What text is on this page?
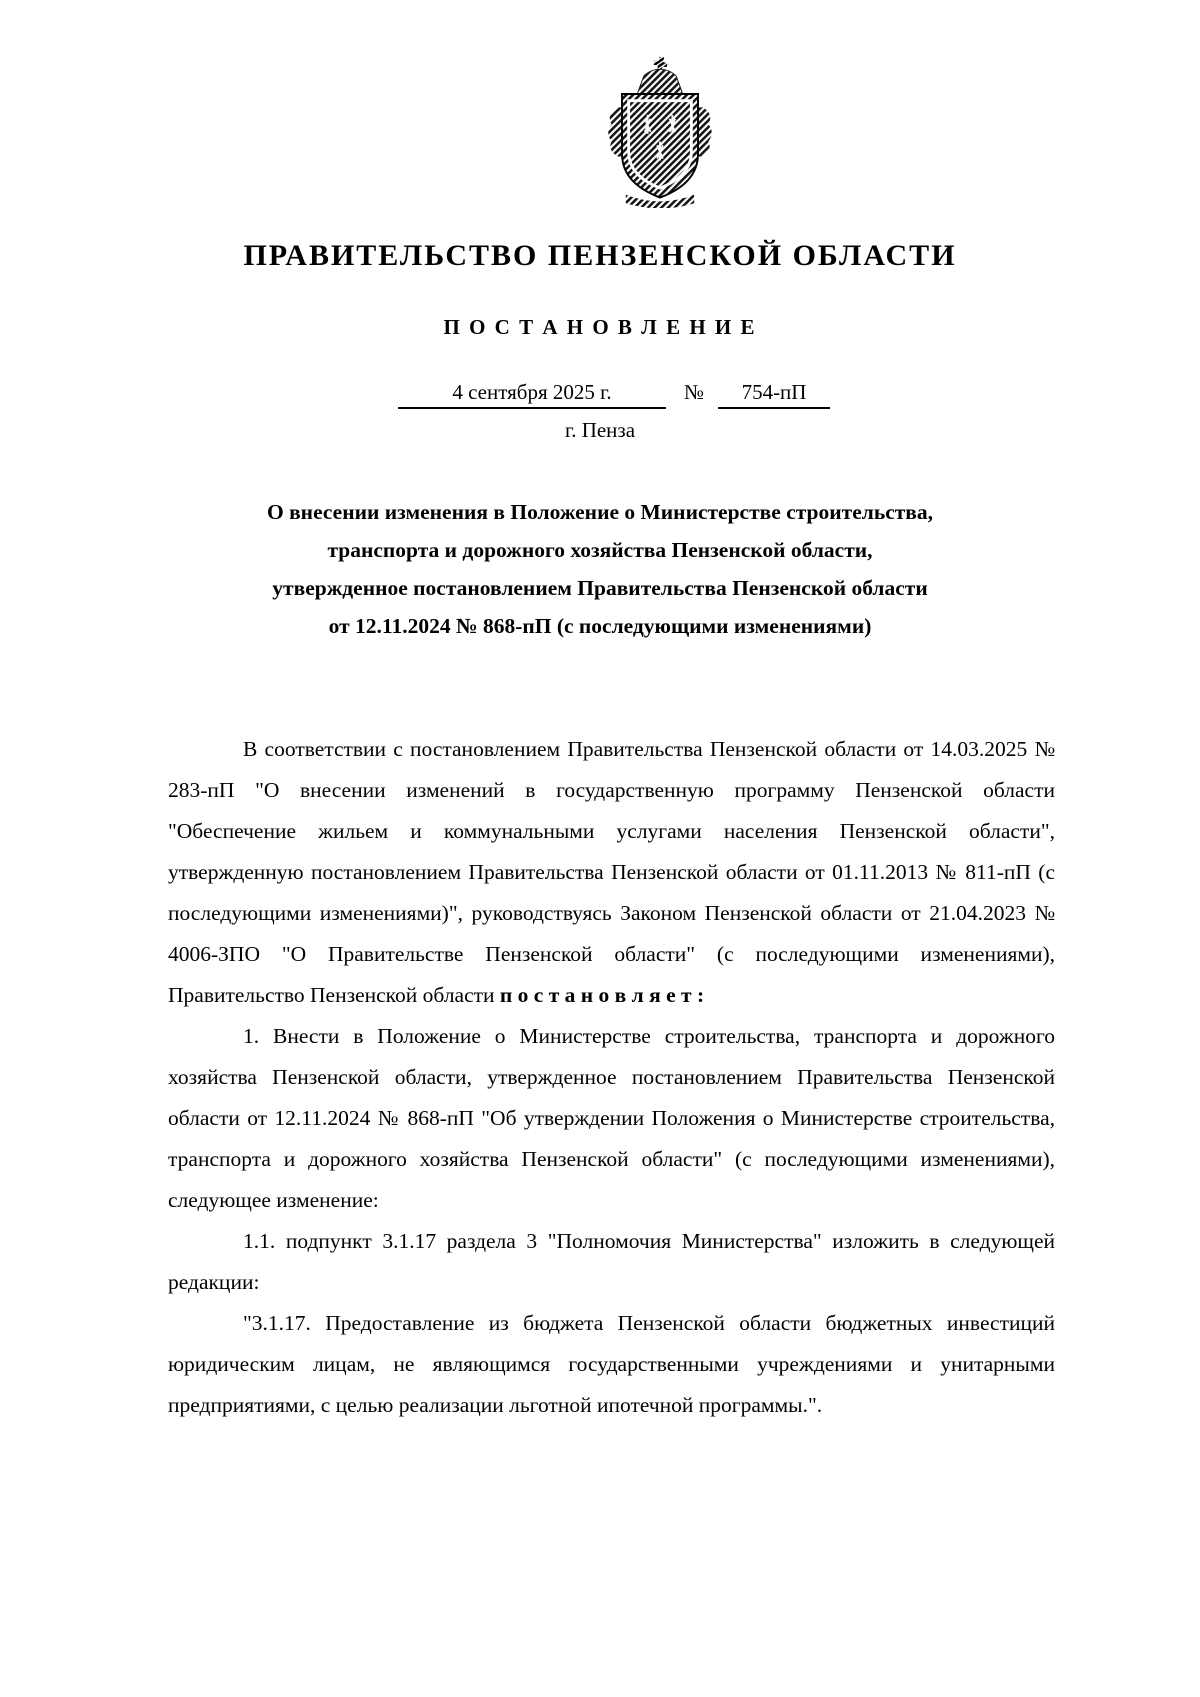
ПРАВИТЕЛЬСТВО ПЕНЗЕНСКОЙ ОБЛАСТИ
П О С Т А Н О В Л Е Н И Е
4 сентября 2025 г.	№	754-пП
г. Пенза
О внесении изменения в Положение о Министерстве строительства,
транспорта и дорожного хозяйства Пензенской области,
утвержденное постановлением Правительства Пензенской области
от 12.11.2024 № 868-пП (с последующими изменениями)

В соответствии с постановлением Правительства Пензенской области от 14.03.2025 № 283-пП "О внесении изменений в государственную программу Пензенской области "Обеспечение жильем и коммунальными услугами населения Пензенской области", утвержденную постановлением Правительства Пензенской области от 01.11.2013 № 811-пП (с последующими изменениями)", руководствуясь Законом Пензенской области от 21.04.2023 № 4006-ЗПО "О Правительстве Пензенской области" (с последующими изменениями), Правительство Пензенской области п о с т а н о в л я е т :

1. Внести в Положение о Министерстве строительства, транспорта и дорожного хозяйства Пензенской области, утвержденное постановлением Правительства Пензенской области от 12.11.2024 № 868-пП "Об утверждении Положения о Министерстве строительства, транспорта и дорожного хозяйства Пензенской области" (с последующими изменениями), следующее изменение:

1.1. подпункт 3.1.17 раздела 3 "Полномочия Министерства" изложить в следующей редакции:

"3.1.17. Предоставление из бюджета Пензенской области бюджетных инвестиций юридическим лицам, не являющимся государственными учреждениями и унитарными предприятиями, с целью реализации льготной ипотечной программы.".
